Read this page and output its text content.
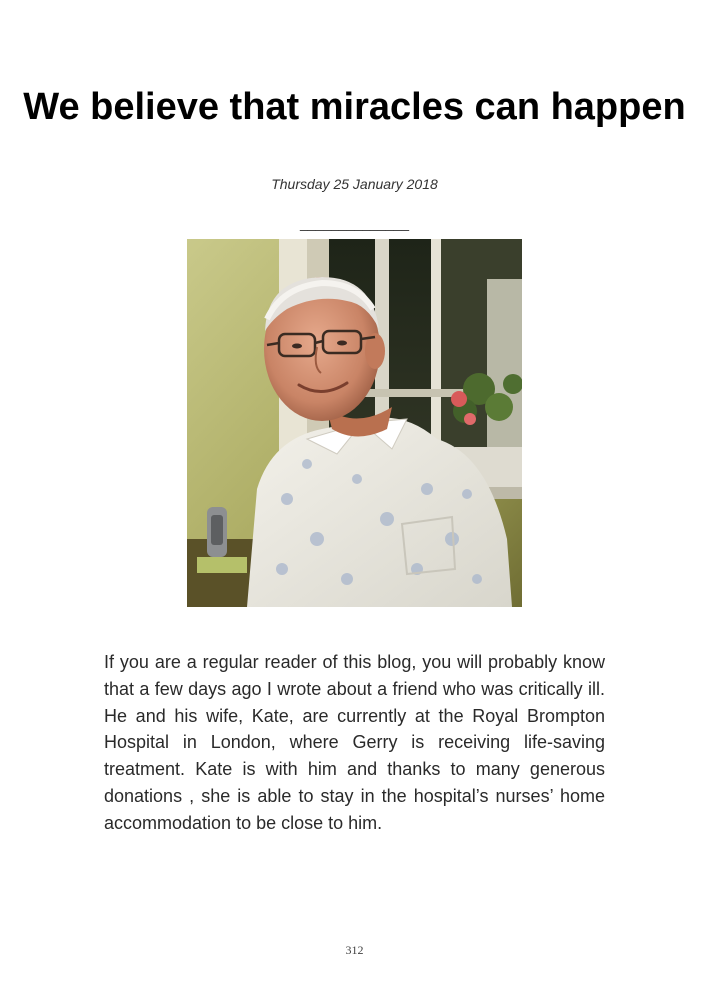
We believe that miracles can happen
Thursday 25 January 2018
______________

If you are a regular reader of this blog, you will probably know that a few days ago I wrote about a friend who was critically ill. He and his wife, Kate, are currently at the Royal Brompton Hospital in London, where Gerry is receiving life-saving treatment. Kate is with him and thanks to many generous donations , she is able to stay in the hospital’s nurses’ home accommodation to be close to him.

312
